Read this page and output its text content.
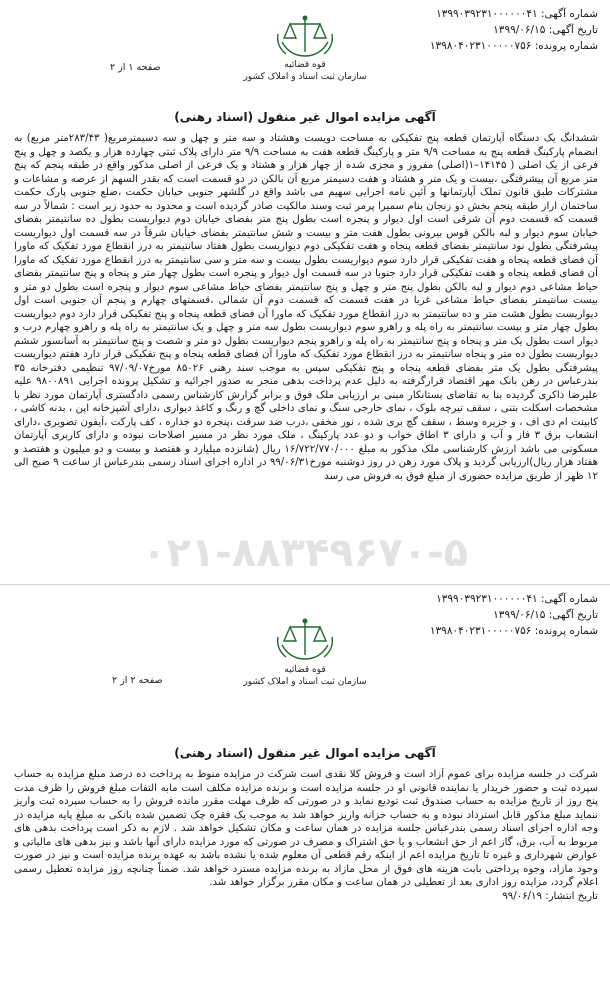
شماره آگهی: ۱۳۹۹۰۳۹۲۳۱۰۰۰۰۰۰۴۱
تاریخ آگهی: ۱۳۹۹/۰۶/۱۵
شماره پرونده: ۱۳۹۸۰۴۰۲۳۱۰۰۰۰۰۷۵۶
قوه قضائیه
سازمان ثبت اسناد و املاک کشور
صفحه ۱ از ۲
آگهی مزایده اموال غیر منقول (اسناد رهنی)

ششدانگ یک دستگاه آپارتمان قطعه پنج تفکیکی به مساحت دویست وهشتاد و سه متر و چهل و سه دسیمترمربع( ۲۸۳/۴۳متر مربع) به انضمام پارکینگ قطعه پنج به مساحت ۹/۹ متر و پارکینگ قطعه هفت به مساحت ۹/۹ متر دارای پلاک ثبتی چهارده هزار و یکصد و چهل و پنج فرعی از یک اصلی ( ۱۴۱۴۵–۱(اصلی) مفروز و مجزی شده از چهار هزار و هشتاد و یک فرعی از اصلی مذکور واقع در طبقه پنجم که پنج متر مربع آن پیشرفتگی ،بیست و یک متر و هشتاد و هفت دسیمتر مربع آن بالکن در دو قسمت است که بقدر السهم از عرصه و مشاعات و مشترکات طبق قانون تملک آپارتمانها و آئین نامه اجرایی سهیم می باشد واقع در گلشهر جنوبی خیابان حکمت ،ضلع جنوبی پارک حکمت ساختمان اراز طبقه پنجم بخش دو زنجان بنام سمیرا پرمر ثبت وسند مالکیت صادر گردیده است و محدود به حدود زیر است : شمالاً در سه قسمت که قسمت دوم آن شرقی است اول دیوار و پنجره است بطول پنج متر بفضای خیابان دوم دیواریست بطول ده سانتیمتر بفضای خیابان سوم دیوار و لبه بالکن قوس بیرونی بطول هفت متر و بیست و شش سانتیمتر بفضای خیابان شرقاً در سه قسمت اول دیواریست پیشرفتگی بطول نود سانتیمتر بفضای قطعه پنجاه و هفت تفکیکی دوم دیواریست بطول هفتاد سانتیمتر به درز انقطاع مورد تفکیک که ماورا آن فضای قطعه پنجاه و هفت تفکیکی قرار دارد سوم دیواریست بطول بیست و سه متر و سی سانتیمتر به درز انقطاع مورد تفکیک که ماورا آن فضای قطعه پنجاه و هفت تفکیکی قرار دارد جنوبا در سه قسمت اول دیوار و پنجره است بطول چهار متر و پنجاه و پنج سانتیمتر بفضای حیاط مشاعی دوم دیوار و لبه بالکن بطول پنج متر و چهل و پنج سانتیمتر بفضای حیاط مشاعی سوم دیوار و پنجره است بطول دو متر و بیست سانتیمتر بفضای حیاط مشاعی غربا در هفت قسمت که قسمت دوم آن شمالی ،قسمتهای چهارم و پنجم آن جنوبی است اول دیواریست بطول هشت متر و ده سانتیمتر به درز انقطاع مورد تفکیک که ماورا آن فضای قطعه پنجاه و پنج تفکیکی قرار دارد دوم دیواریست بطول چهار متر و بیست سانتیمتر به راه پله و راهرو سوم دیواریست بطول سه متر و چهل و یک سانتیمتر به راه پله و راهرو چهارم درب و دیوار است بطول یک متر و پنجاه و پنج سانتیمتر به راه پله و راهرو پنجم دیواریست بطول دو متر و شصت و پنج سانتیمتر به آسانسور ششم دیواریست بطول ده متر و پنجاه سانتیمتر به درز انقطاع مورد تفکیک که ماورا آن فضای قطعه پنجاه و پنج تفکیکی قرار دارد هفتم دیواریست پیشرفتگی بطول یک متر بفضای قطعه پنجاه و پنج تفکیکی سپس به موجب سند رهنی ۸۵۰۲۶ مورخ۹۷/۰۹/۰۷ تنظیمی دفترخانه ۳۵ بندرعباس در رهن بانک مهر اقتصاد قرارگرفته به دلیل عدم پرداخت بدهی منجر به صدور اجرائیه و تشکیل پرونده اجرایی ۹۸۰۰۸۹۱ علیه علیرضا ذاکری گردیده بنا به تقاضای بستانکار مبنی بر ارزیابی ملک فوق و برابر گزارش کارشناس رسمی دادگستری آپارتمان مورد نظر با مشخصات اسکلت بتنی ، سقف تیرچه بلوک ، نمای خارجی سنگ و نمای داخلی گچ و رنگ و کاغذ دیواری ،دارای آشپزخانه اپن ، بدنه کاشی ، کابینت ام دی اف ، و جزیره وسط ، سقف گچ بری شده ، نور مخفی ،درب ضد سرقت ،پنجره دو جداره ، کف پارکت ،آیفون تصویری ،دارای انشعاب برق ۳ فاز و آب و دارای ۳ اطاق خواب و دو عدد پارکینگ ، ملک مورد نظر در مسیر اصلاحات نبوده و دارای کاربری آپارتمان مسکونی می باشد ارزش کارشناسی ملک مذکور به مبلغ ۱۶/۷۲۲/۷۷۰/۰۰۰ ریال (شانزده میلیارد و هفتصد و بیست و دو میلیون و هفتصد و هفتاد هزار ریال)ارزیابی گردید و پلاک مورد رهن در روز دوشنبه مورخ۹۹/۰۶/۳۱ در اداره اجرای اسناد رسمی بندرعباس از ساعت ۹ صبح الی ۱۲ ظهر از طریق مزایده حضوری از مبلغ فوق به فروش می رسد

۰۲۱-۸۸۳۴۹۶۷۰-۵
شماره آگهی: ۱۳۹۹۰۳۹۲۳۱۰۰۰۰۰۰۴۱
تاریخ آگهی: ۱۳۹۹/۰۶/۱۵
شماره پرونده: ۱۳۹۸۰۴۰۲۳۱۰۰۰۰۰۷۵۶
قوه قضائیه
سازمان ثبت اسناد و املاک کشور
صفحه ۲ از ۲
آگهی مزایده اموال غیر منقول (اسناد رهنی)
شرکت در جلسه مزایده برای عموم آزاد است و فروش کلا نقدی است شرکت در مزایده منوط به پرداخت ده درصد مبلغ مزایده به حساب سپرده ثبت و حضور خریدار یا نماینده قانونی او در جلسه مزایده است و برنده مزایده مکلف است مابه التفات مبلغ فروش را ظرف مدت پنج روز از تاریخ مزایده به حساب صندوق ثبت تودیع نماید و در صورتی که ظرف مهلت مقرر مانده فروش را به حساب سپرده ثبت واریز ننماید مبلغ مذکور قابل استرداد نبوده و به حساب خزانه واریز خواهد شد به موجب یک فقره چک تضمین شده بانکی به مبلغ پایه مزایده در وجه اداره اجرای اسناد رسمی بندرعباس جلسه مزایده در همان ساعت و مکان تشکیل خواهد شد . لازم به ذکر است پرداخت بدهی های مربوط به آب، برق، گاز اعم از حق انشعاب و یا حق اشتراک و مصرف در صورتی که مورد مزایده دارای آنها باشد و نیز بدهی های مالیاتی و عوارض شهرداری و غیره تا تاریخ مزایده اعم از اینکه رقم قطعی آن معلوم شده یا نشده باشد به عهده برنده مزایده است و نیز در صورت وجود مازاد، وجوه پرداختی بابت هزینه های فوق از محل مازاد به برنده مزایده مسترد خواهد شد. ضمناً چنانچه روز مزایده تعطیل رسمی اعلام گردد، مزایده روز اداری بعد از تعطیلی در همان ساعت و مکان مقرر برگزار خواهد شد.
تاریخ انتشار: ۹۹/۰۶/۱۹
